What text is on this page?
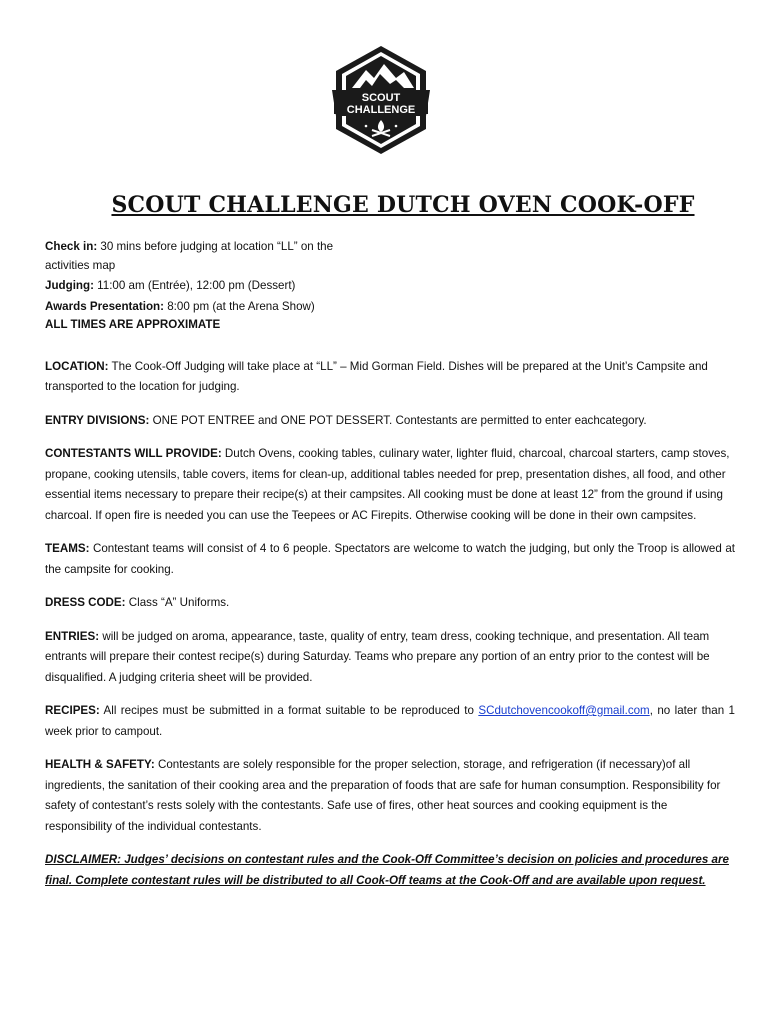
SCOUT
CHALLENGE
SCOUT CHALLENGE DUTCH OVEN COOK-OFF

Check in: 30 mins before judging at location “LL” on the activities map

Judging: 11:00 am (Entrée), 12:00 pm (Dessert)

Awards Presentation: 8:00 pm (at the Arena Show)

ALL TIMES ARE APPROXIMATE

LOCATION: The Cook-Off Judging will take place at “LL” – Mid Gorman Field. Dishes will be prepared at the Unit’s Campsite and transported to the location for judging.

ENTRY DIVISIONS: ONE POT ENTREE and ONE POT DESSERT. Contestants are permitted to enter eachcategory.

CONTESTANTS WILL PROVIDE: Dutch Ovens, cooking tables, culinary water, lighter fluid, charcoal, charcoal starters, camp stoves, propane, cooking utensils, table covers, items for clean-up, additional tables needed for prep, presentation dishes, all food, and other essential items necessary to prepare their recipe(s) at their campsites. All cooking must be done at least 12” from the ground if using charcoal. If open fire is needed you can use the Teepees or AC Firepits. Otherwise cooking will be done in their own campsites.

TEAMS: Contestant teams will consist of 4 to 6 people. Spectators are welcome to watch the judging, but only the Troop is allowed at the campsite for cooking.

DRESS CODE: Class “A” Uniforms.

ENTRIES: will be judged on aroma, appearance, taste, quality of entry, team dress, cooking technique, and presentation. All team entrants will prepare their contest recipe(s) during Saturday. Teams who prepare any portion of an entry prior to the contest will be disqualified. A judging criteria sheet will be provided.

RECIPES: All recipes must be submitted in a format suitable to be reproduced to SCdutchovencookoff@gmail.com, no later than 1 week prior to campout.

HEALTH & SAFETY: Contestants are solely responsible for the proper selection, storage, and refrigeration (if necessary)of all ingredients, the sanitation of their cooking area and the preparation of foods that are safe for human consumption. Responsibility for safety of contestant’s rests solely with the contestants. Safe use of fires, other heat sources and cooking equipment is the responsibility of the individual contestants.

DISCLAIMER: Judges’ decisions on contestant rules and the Cook-Off Committee’s decision on policies and procedures are final. Complete contestant rules will be distributed to all Cook-Off teams at the Cook-Off and are available upon request.
